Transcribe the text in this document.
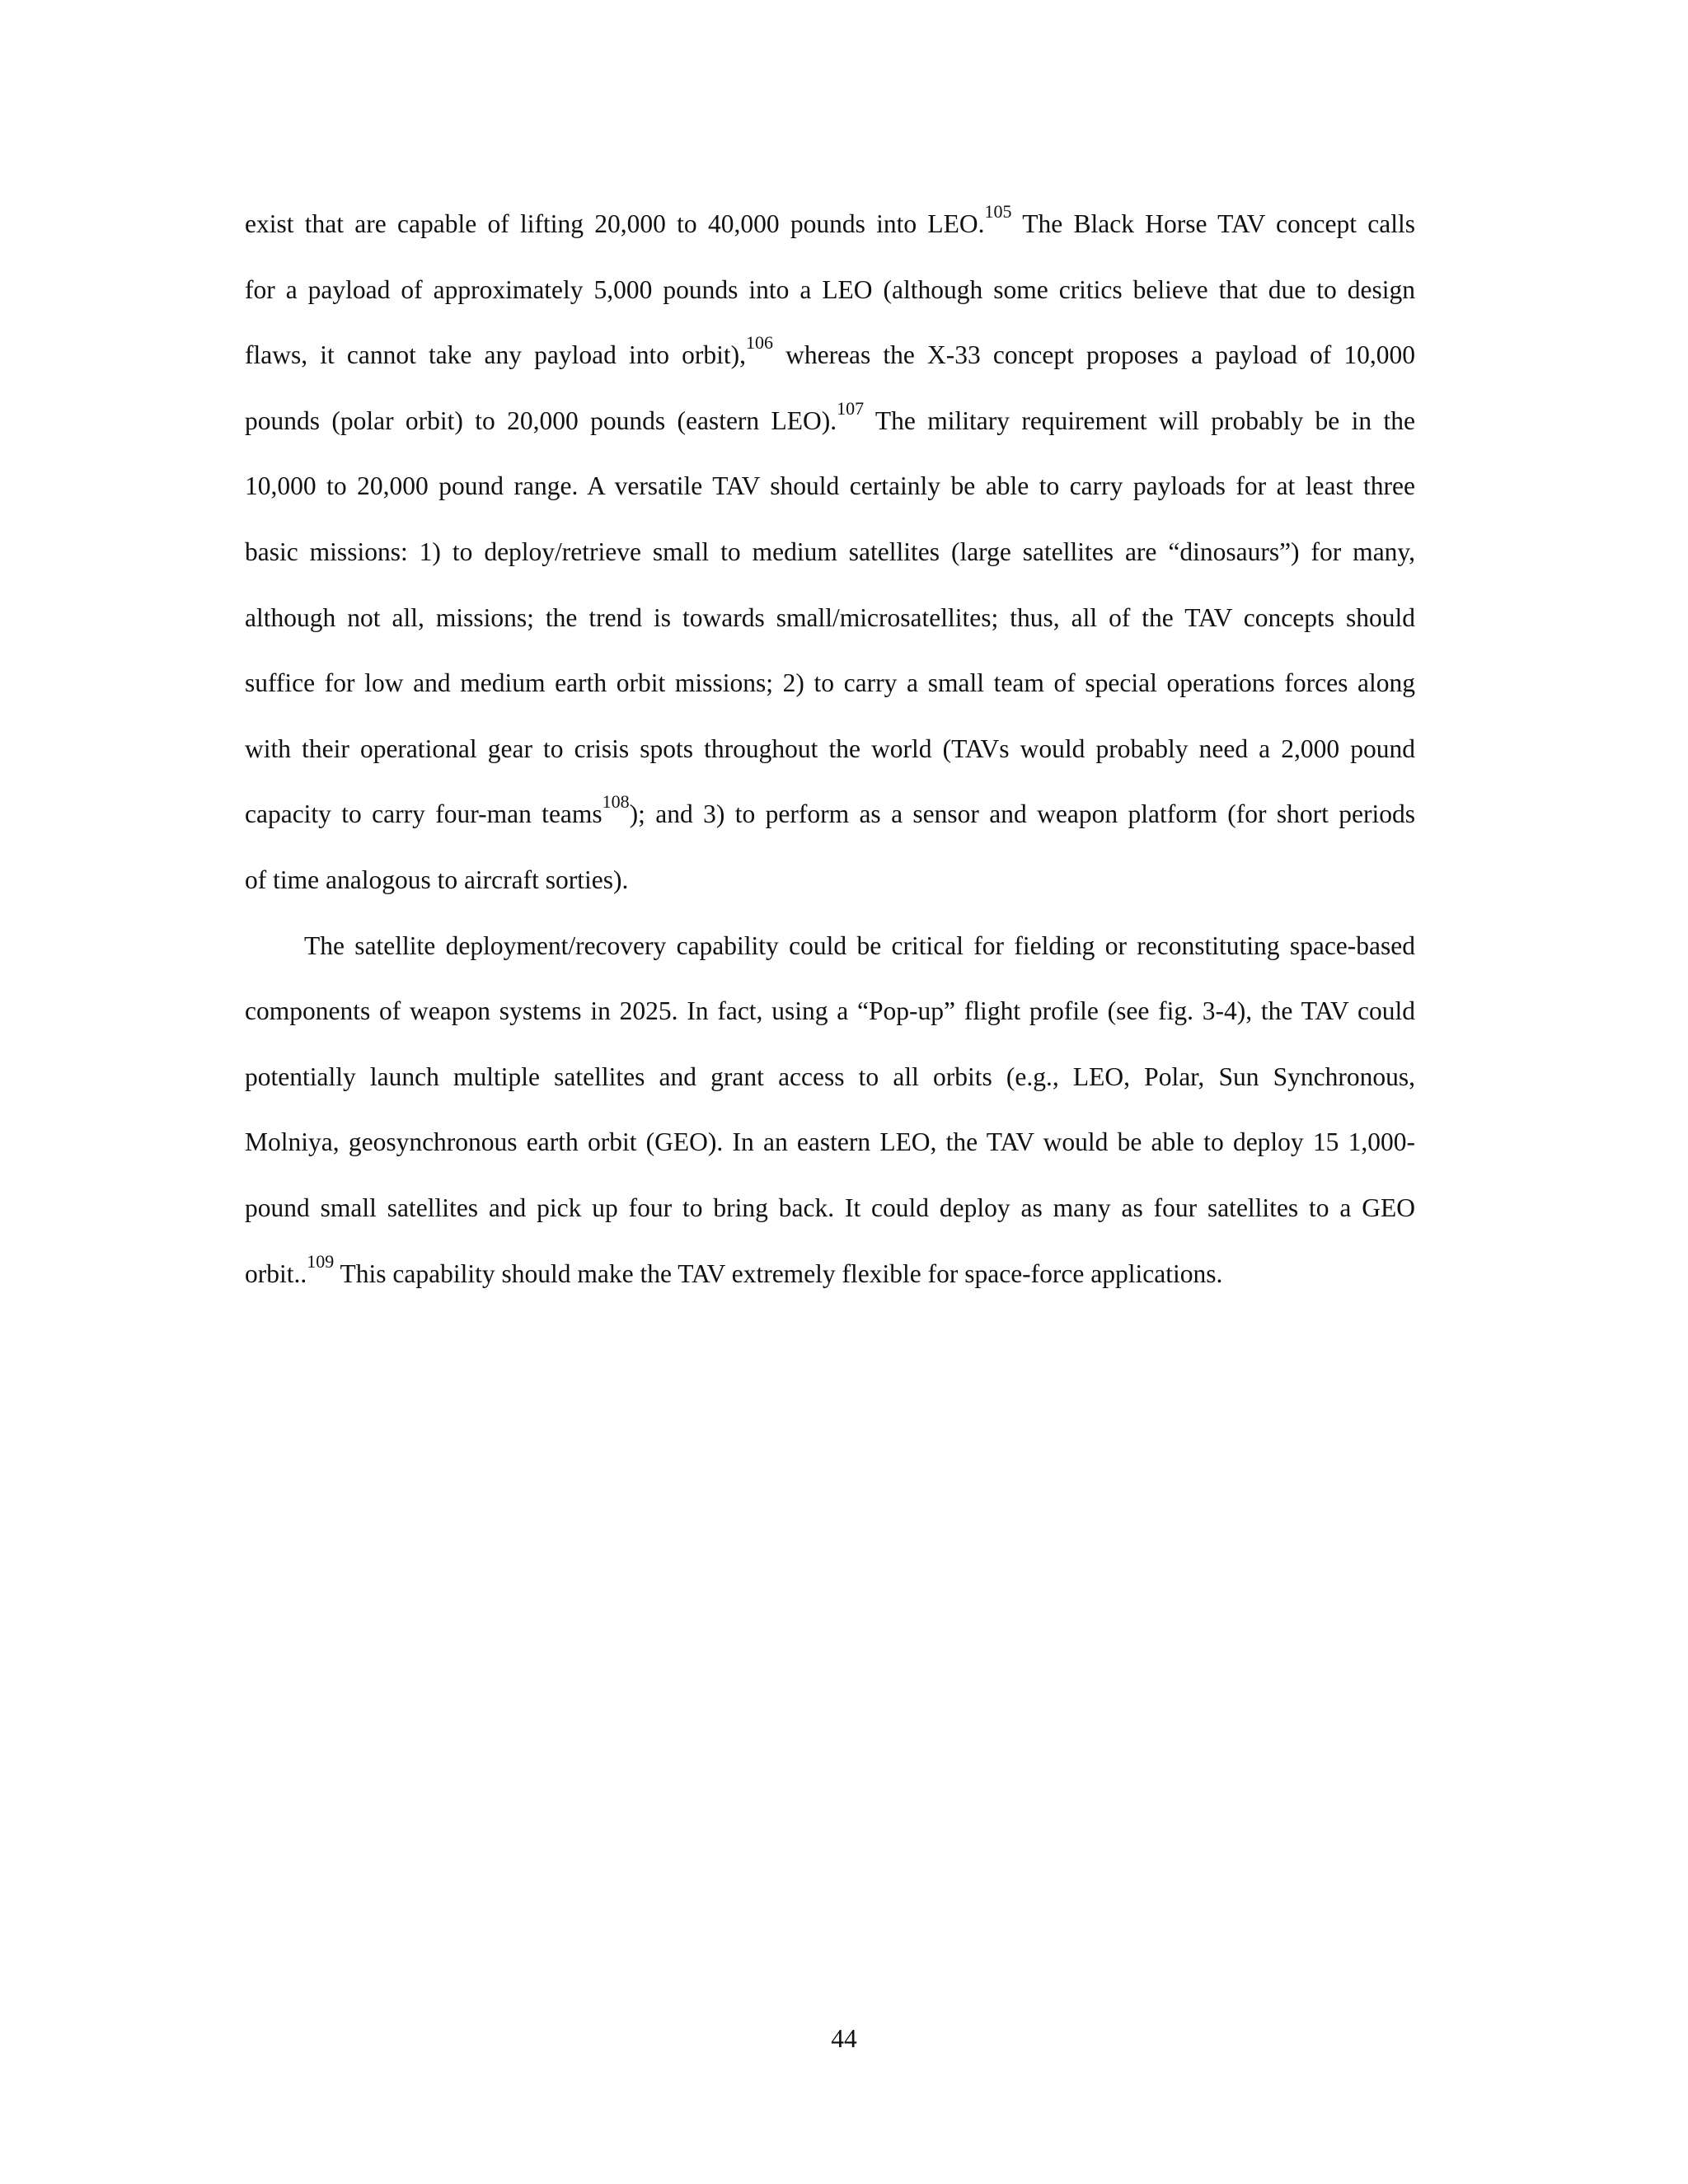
exist that are capable of lifting 20,000 to 40,000 pounds into LEO.$^{105}$ The Black Horse TAV concept calls
for a payload of approximately 5,000 pounds into a LEO (although some critics believe that due to design
flaws, it cannot take any payload into orbit),$^{106}$ whereas the X-33 concept proposes a payload of 10,000
pounds (polar orbit) to 20,000 pounds (eastern LEO).$^{107}$ The military requirement will probably be in the
10,000 to 20,000 pound range. A versatile TAV should certainly be able to carry payloads for at least three
basic missions: 1) to deploy/retrieve small to medium satellites (large satellites are “dinosaurs”) for many,
although not all, missions; the trend is towards small/microsatellites; thus, all of the TAV concepts should
suffice for low and medium earth orbit missions; 2) to carry a small team of special operations forces along
with their operational gear to crisis spots throughout the world (TAVs would probably need a 2,000 pound
capacity to carry four-man teams$^{108}$); and 3) to perform as a sensor and weapon platform (for short periods
of time analogous to aircraft sorties).
The satellite deployment/recovery capability could be critical for fielding or reconstituting space-based
components of weapon systems in 2025. In fact, using a “Pop-up” flight profile (see fig. 3-4), the TAV could
potentially launch multiple satellites and grant access to all orbits (e.g., LEO, Polar, Sun Synchronous,
Molniya, geosynchronous earth orbit (GEO). In an eastern LEO, the TAV would be able to deploy 15 1,000-
pound small satellites and pick up four to bring back. It could deploy as many as four satellites to a GEO
orbit..$^{109}$ This capability should make the TAV extremely flexible for space-force applications.
44
